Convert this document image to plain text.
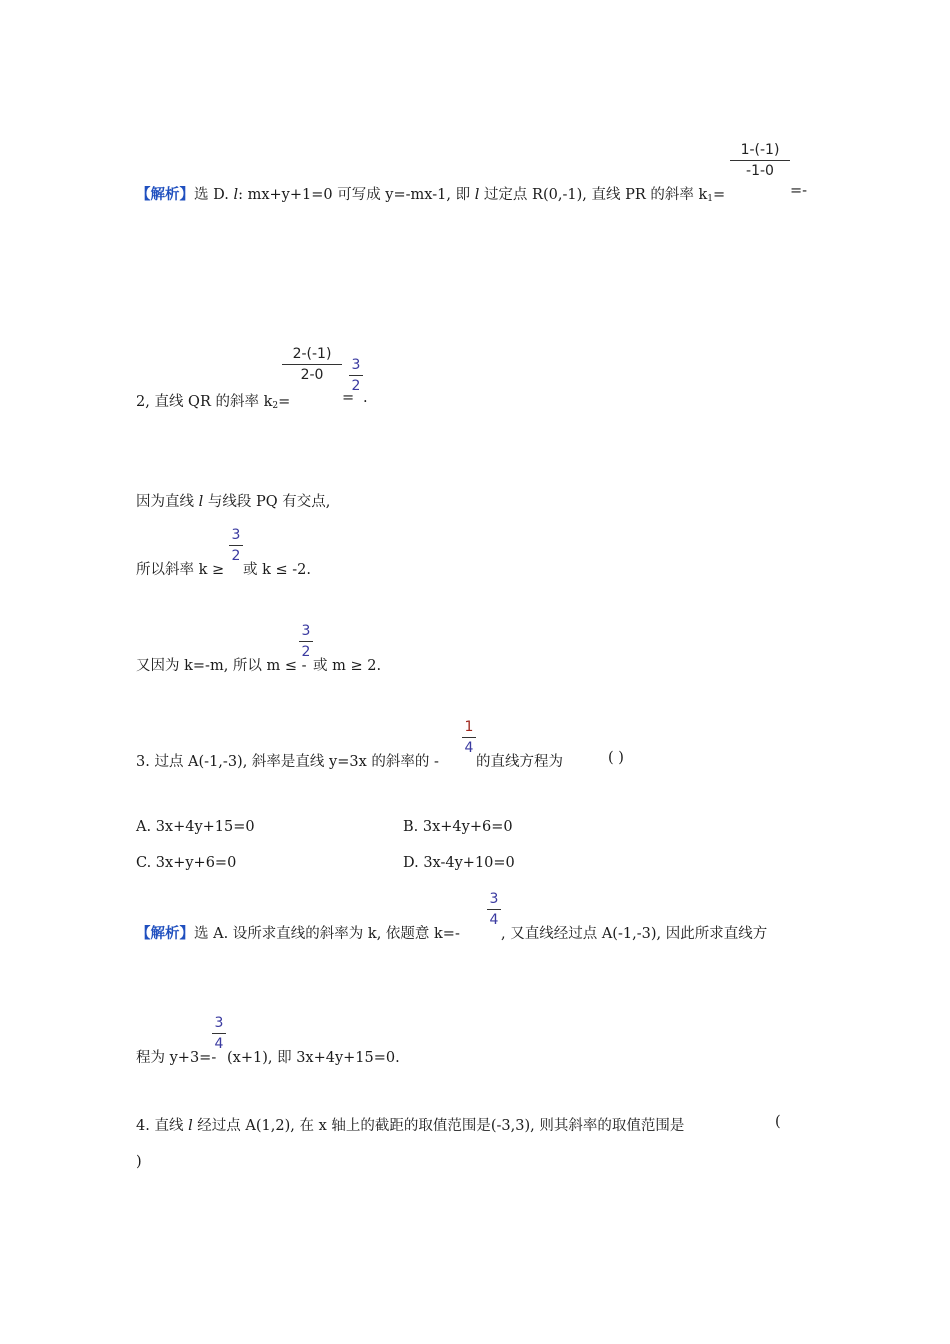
【解析】选 D. l: mx+y+1=0 可写成 y=-mx-1, 即 l 过定点 R(0,-1), 直线 PR 的斜率 $k_1=$
1-(-1)
-1-0
=-
2, 直线 QR 的斜率 $k_2=$
2-(-1)
2-0
=
3
2
.
因为直线 l 与线段 PQ 有交点,
所以斜率 k ≥
3
2
或 k ≤ -2.
又因为 k=-m, 所以 m ≤ -
3
2
或 m ≥ 2.
3. 过点 A(-1,-3), 斜率是直线 y=3x 的斜率的 -
1
4
的直线方程为	( )
A. 3x+4y+15=0	B. 3x+4y+6=0
C. 3x+y+6=0	D. 3x-4y+10=0
【解析】选 A. 设所求直线的斜率为 k, 依题意 k=-
3
4
, 又直线经过点 A(-1,-3), 因此所求直线方
程为 y+3=-
3
4
(x+1), 即 3x+4y+15=0.
4. 直线 l 经过点 A(1,2), 在 x 轴上的截距的取值范围是(-3,3), 则其斜率的取值范围是	(
)
